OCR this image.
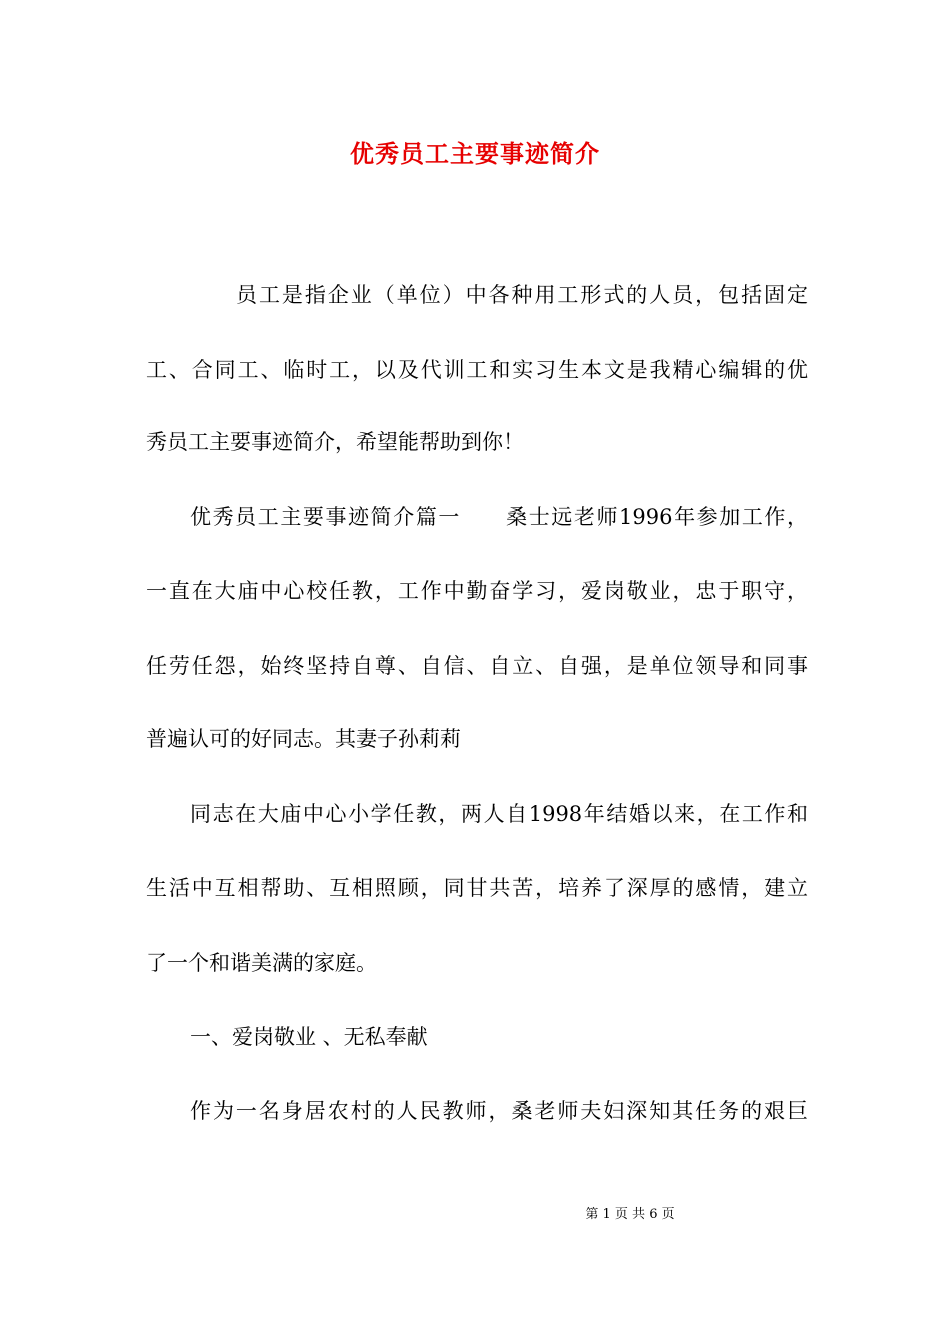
优秀员工主要事迹简介
员工是指企业（单位）中各种用工形式的人员，包括固定
工、合同工、临时工，以及代训工和实习生本文是我精心编辑的优
秀员工主要事迹简介，希望能帮助到你！
优秀员工主要事迹简介篇一　　桑士远老师1996年参加工作，
一直在大庙中心校任教，工作中勤奋学习，爱岗敬业，忠于职守，
任劳任怨，始终坚持自尊、自信、自立、自强，是单位领导和同事
普遍认可的好同志。其妻子孙莉莉
同志在大庙中心小学任教，两人自1998年结婚以来，在工作和
生活中互相帮助、互相照顾，同甘共苦，培养了深厚的感情，建立
了一个和谐美满的家庭。
一、爱岗敬业 、无私奉献
作为一名身居农村的人民教师，桑老师夫妇深知其任务的艰巨
第 1 页 共 6 页
